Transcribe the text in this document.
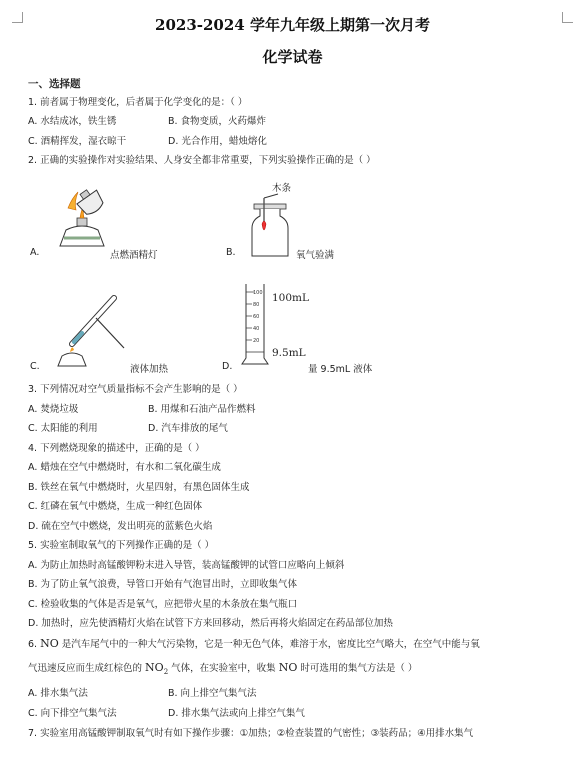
2023-2024 学年九年级上期第一次月考
化学试卷
一、选择题
1. 前者属于物理变化，后者属于化学变化的是：（ ）
A. 水结成冰，铁生锈	B. 食物变质，火药爆炸
C. 酒精挥发，湿衣晾干	D. 光合作用，蜡烛熔化
2. 正确的实验操作对实验结果、人身安全都非常重要，下列实验操作正确的是（ ）
A.	点燃酒精灯
木条
B.	氧气验满
C.	液体加热
100
80
60
40
20
100mL
9.5mL
D.	量 9.5mL 液体
3. 下列情况对空气质量指标不会产生影响的是（ ）
A. 焚烧垃圾	B. 用煤和石油产品作燃料
C. 太阳能的利用	D. 汽车排放的尾气
4. 下列燃烧现象的描述中，正确的是（ ）
A. 蜡烛在空气中燃烧时，有水和二氧化碳生成
B. 铁丝在氧气中燃烧时，火星四射，有黑色固体生成
C. 红磷在氧气中燃烧，生成一种红色固体
D. 硫在空气中燃烧，发出明亮的蓝紫色火焰
5. 实验室制取氧气的下列操作正确的是（ ）
A. 为防止加热时高锰酸钾粉末进入导管，装高锰酸钾的试管口应略向上倾斜
B. 为了防止氧气浪费，导管口开始有气泡冒出时，立即收集气体
C. 检验收集的气体是否是氧气，应把带火星的木条放在集气瓶口
D. 加热时，应先使酒精灯火焰在试管下方来回移动，然后再将火焰固定在药品部位加热
6. NO 是汽车尾气中的一种大气污染物，它是一种无色气体，难溶于水，密度比空气略大，在空气中能与氧
气迅速反应而生成红棕色的 $NO_2$ 气体，在实验室中，收集 NO 时可选用的集气方法是（ ）
A. 排水集气法	B. 向上排空气集气法
C. 向下排空气集气法	D. 排水集气法或向上排空气集气
7. 实验室用高锰酸钾制取氧气时有如下操作步骤：①加热；②检查装置的气密性；③装药品；④用排水集气
